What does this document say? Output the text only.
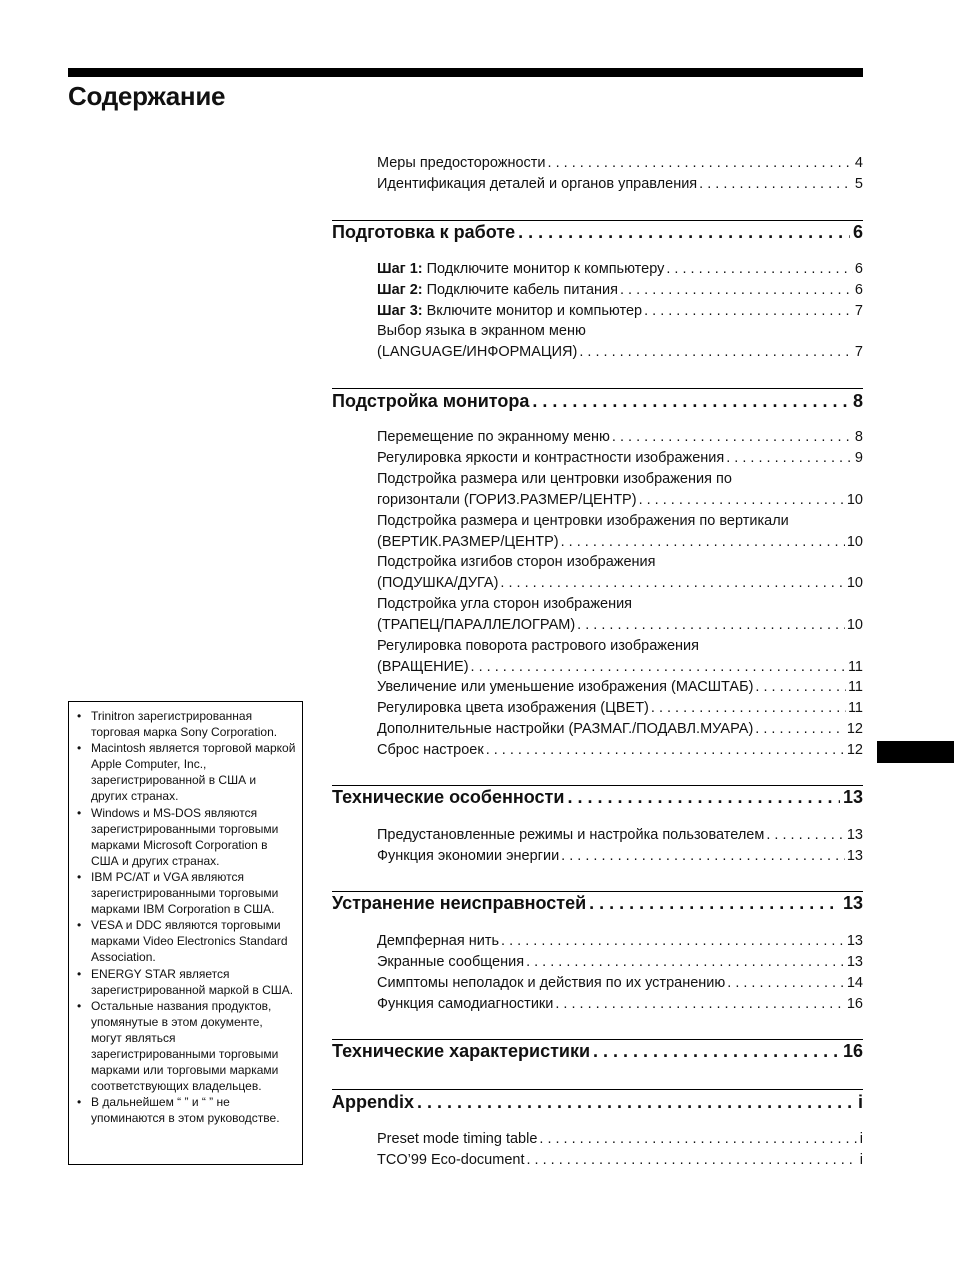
Содержание
Меры предосторожности . . .	4
Идентификация деталей и органов управления . . .	5
Подготовка к работе . . .	6
Шаг 1: Подключите монитор к компьютеру . . .	6
Шаг 2: Подключите кабель питания . . .	6
Шаг 3: Включите монитор и компьютер . . .	7
Выбор языка в экранном меню
(LANGUAGE/ИНФОРМАЦИЯ) . . .	7
Подстройка монитора . . .	8
Перемещение по экранному меню . . .	8
Регулировка яркости и контрастности изображения . . .	9
Подстройка размера или центровки изображения по
горизонтали (ГОРИЗ.РАЗМЕР/ЦЕНТР) . . .	10
Подстройка размера и центровки изображения по вертикали
(ВЕРТИК.РАЗМЕР/ЦЕНТР) . . .	10
Подстройка изгибов сторон изображения
(ПОДУШКА/ДУГА) . . .	10
Подстройка угла сторон изображения
(ТРАПЕЦ/ПАРАЛЛЕЛОГРАМ) . . .	10
Регулировка поворота растрового изображения
(ВРАЩЕНИЕ) . . .	11
Увеличение или уменьшение изображения (МАСШТАБ) . . .	11
Регулировка цвета изображения (ЦВЕТ) . . .	11
Дополнительные настройки (РАЗМАГ./ПОДАВЛ.МУАРА) . . .	12
Сброс настроек . . .	12
Технические особенности . . .	13
Предустановленные режимы и настройка пользователем . . .	13
Функция экономии энергии . . .	13
Устранение неисправностей . . .	13
Демпферная нить . . .	13
Экранные сообщения . . .	13
Симптомы неполадок и действия по их устранению . . .	14
Функция самодиагностики . . .	16
Технические характеристики . . .	16
Appendix . . .	i
Preset mode timing table . . .	i
TCO’99 Eco-document . . .	i
• Trinitron зарегистрированная торговая марка Sony Corporation.
• Macintosh является торговой маркой Apple Computer, Inc., зарегистрированной в США и других странах.
• Windows и MS-DOS являются зарегистрированными торговыми марками Microsoft Corporation в США и других странах.
• IBM PC/AT и VGA являются зарегистрированными торговыми марками IBM Corporation в США.
• VESA и DDC являются торговыми марками Video Electronics Standard Association.
• ENERGY STAR является зарегистрированной маркой в США.
• Остальные названия продуктов, упомянутые в этом документе, могут являться зарегистрированными торговыми марками или торговыми марками соответствующих владельцев.
• В дальнейшем “ ” и “ ” не упоминаются в этом руководстве.
